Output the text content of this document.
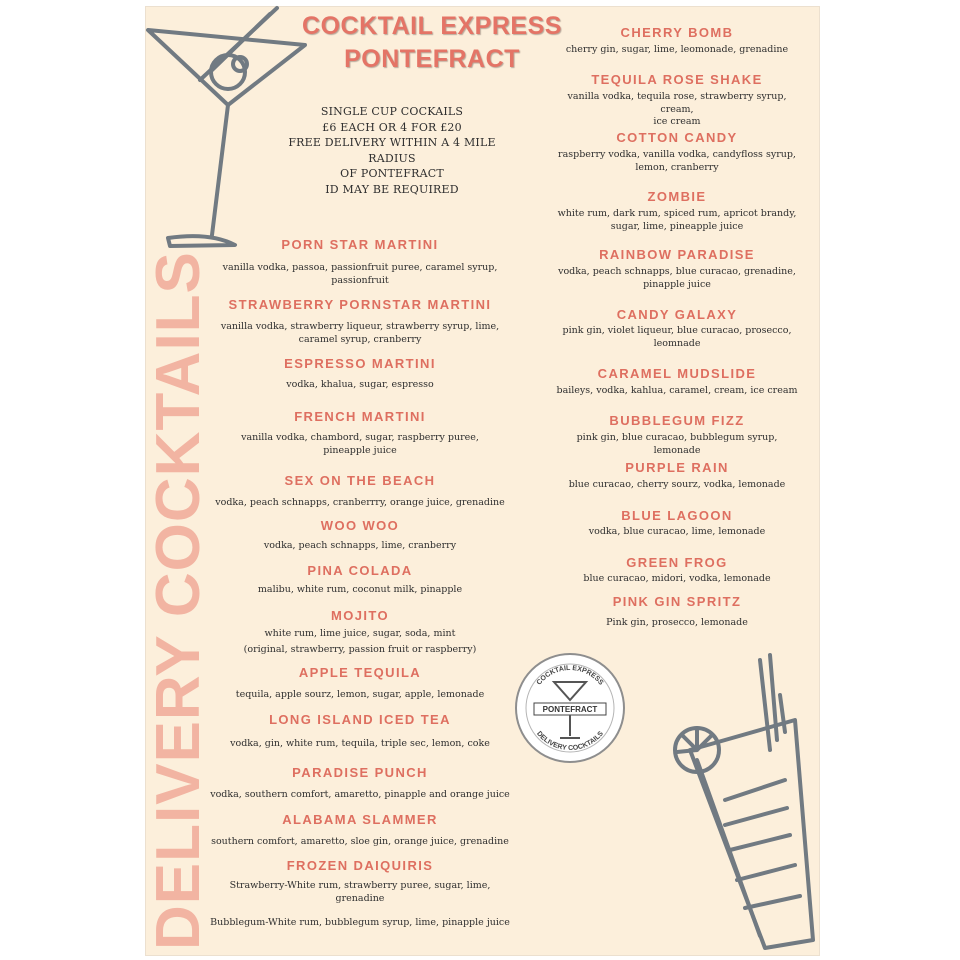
COCKTAIL EXPRESS
DELIVERY COCKTAILS
PONTEFRACT
DELIVERY COCKTAILS
COCKTAIL EXPRESS
PONTEFRACT
SINGLE CUP COCKAILS
£6 EACH OR 4 FOR £20
FREE DELIVERY WITHIN A 4 MILE RADIUS
OF PONTEFRACT
ID MAY BE REQUIRED
PORN STAR MARTINI
vanilla vodka, passoa, passionfruit puree, caramel syrup,
passionfruit
STRAWBERRY PORNSTAR MARTINI
vanilla vodka, strawberry liqueur, strawberry syrup, lime,
caramel syrup, cranberry
ESPRESSO MARTINI
vodka, khalua, sugar, espresso
FRENCH MARTINI
vanilla vodka, chambord, sugar, raspberry puree,
pineapple juice
SEX ON THE BEACH
vodka, peach schnapps, cranberrry, orange juice, grenadine
WOO WOO
vodka, peach schnapps, lime, cranberry
PINA COLADA
malibu, white rum, coconut milk, pinapple
MOJITO
white rum, lime juice, sugar, soda, mint
(original, strawberry, passion fruit or raspberry)
APPLE TEQUILA
tequila, apple sourz, lemon, sugar, apple, lemonade
LONG ISLAND ICED TEA
vodka, gin, white rum, tequila, triple sec, lemon, coke
PARADISE PUNCH
vodka, southern comfort, amaretto, pinapple and orange juice
ALABAMA SLAMMER
southern comfort, amaretto, sloe gin, orange juice, grenadine
FROZEN DAIQUIRIS
Strawberry-White rum, strawberry puree, sugar, lime, grenadine
Bubblegum-White rum, bubblegum syrup, lime, pinapple juice
CHERRY BOMB
cherry gin, sugar, lime, leomonade, grenadine
TEQUILA ROSE SHAKE
vanilla vodka, tequila rose, strawberry syrup, cream,
ice cream
COTTON CANDY
raspberry vodka, vanilla vodka, candyfloss syrup,
lemon, cranberry
ZOMBIE
white rum, dark rum, spiced rum, apricot brandy,
sugar, lime, pineapple juice
RAINBOW PARADISE
vodka, peach schnapps, blue curacao, grenadine,
pinapple juice
CANDY GALAXY
pink gin, violet liqueur, blue curacao, prosecco,
leomnade
CARAMEL MUDSLIDE
baileys, vodka, kahlua, caramel, cream, ice cream
BUBBLEGUM FIZZ
pink gin, blue curacao, bubblegum syrup, lemonade
PURPLE RAIN
blue curacao, cherry sourz, vodka, lemonade
BLUE LAGOON
vodka, blue curacao, lime, lemonade
GREEN FROG
blue curacao, midori, vodka, lemonade
PINK GIN SPRITZ
Pink gin, prosecco, lemonade
